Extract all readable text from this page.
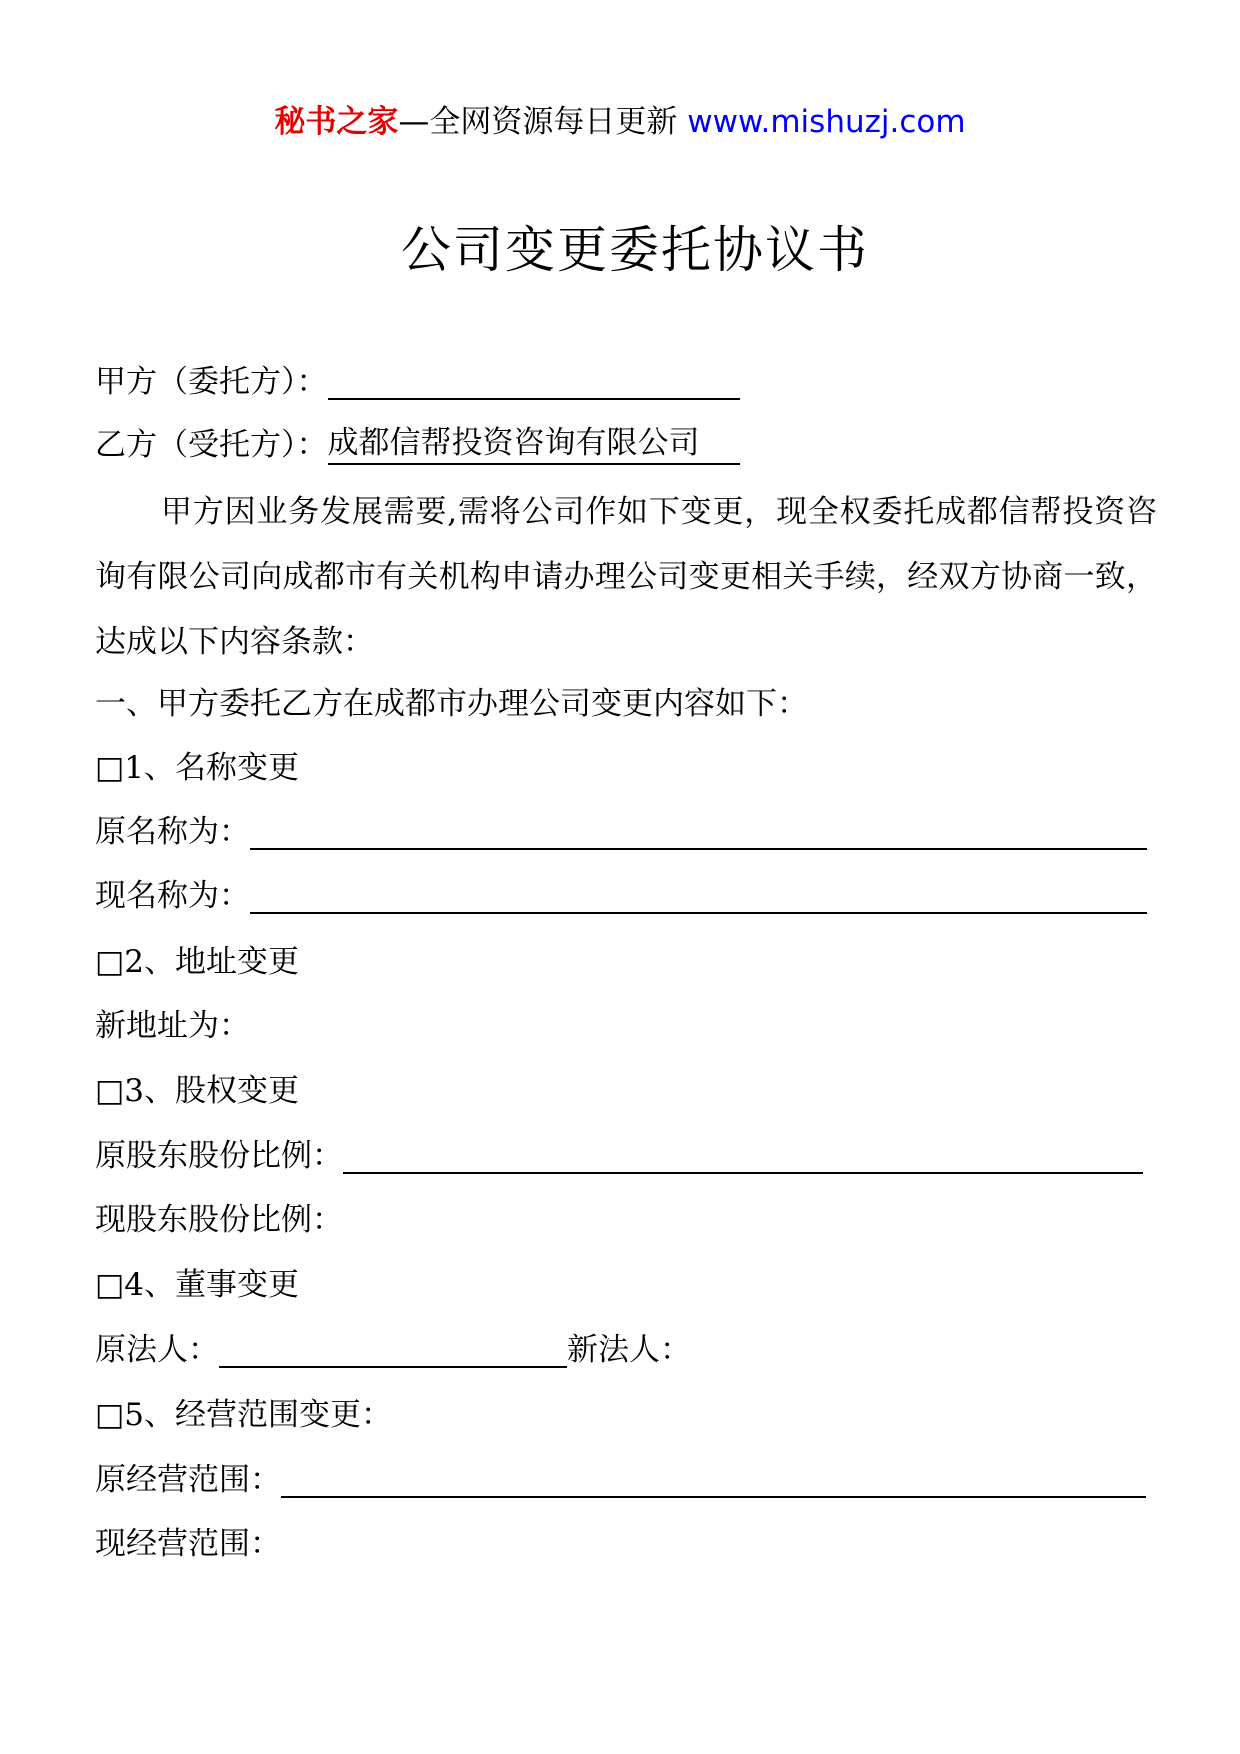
秘书之家—全网资源每日更新 www.mishuzj.com
公司变更委托协议书
甲方（委托方）：
乙方（受托方）：成都信帮投资咨询有限公司
甲方因业务发展需要,需将公司作如下变更，现全权委托成都信帮投资咨询有限公司向成都市有关机构申请办理公司变更相关手续，经双方协商一致，达成以下内容条款：
一、甲方委托乙方在成都市办理公司变更内容如下：
□1、名称变更
原名称为：
现名称为：
□2、地址变更
新地址为：
□3、股权变更
原股东股份比例：
现股东股份比例：
□4、董事变更
原法人：	新法人：
□5、经营范围变更：
原经营范围：
现经营范围：
